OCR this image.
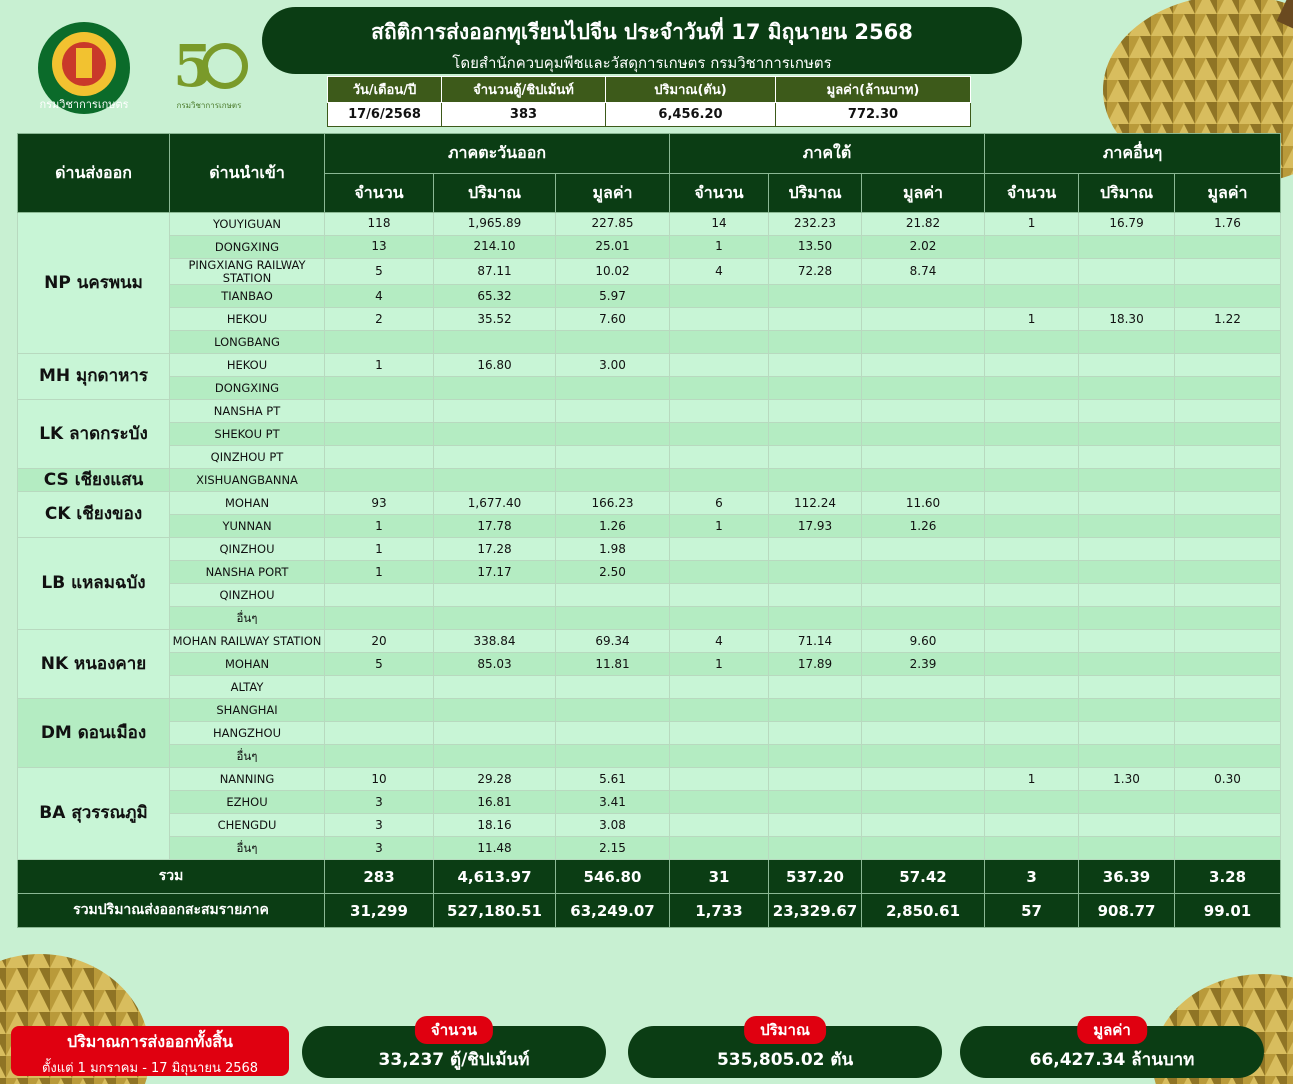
กรมวิชาการเกษตร
5
กรมวิชาการเกษตร
สถิติการส่งออกทุเรียนไปจีน ประจำวันที่ 17 มิถุนายน 2568
โดยสำนักควบคุมพืชและวัสดุการเกษตร กรมวิชาการเกษตร
วัน/เดือน/ปี	จำนวนตู้/ชิปเม้นท์	ปริมาณ(ตัน)	มูลค่า(ล้านบาท)
17/6/2568	383	6,456.20	772.30
ด่านส่งออก	ด่านนำเข้า	ภาคตะวันออก			ภาคใต้			ภาคอื่นๆ		
		จำนวน	ปริมาณ	มูลค่า	จำนวน	ปริมาณ	มูลค่า	จำนวน	ปริมาณ	มูลค่า
NP นครพนม	YOUYIGUAN	118	1,965.89	227.85	14	232.23	21.82	1	16.79	1.76
	DONGXING	13	214.10	25.01	1	13.50	2.02			
	PINGXIANG RAILWAY STATION	5	87.11	10.02	4	72.28	8.74			
	TIANBAO	4	65.32	5.97						
	HEKOU	2	35.52	7.60				1	18.30	1.22
	LONGBANG									
MH มุกดาหาร	HEKOU	1	16.80	3.00						
	DONGXING									
LK ลาดกระบัง	NANSHA PT									
	SHEKOU PT									
	QINZHOU PT									
CS เชียงแสน	XISHUANGBANNA									
CK เชียงของ	MOHAN	93	1,677.40	166.23	6	112.24	11.60			
	YUNNAN	1	17.78	1.26	1	17.93	1.26			
LB แหลมฉบัง	QINZHOU	1	17.28	1.98						
	NANSHA PORT	1	17.17	2.50						
	QINZHOU									
	อื่นๆ									
NK หนองคาย	MOHAN RAILWAY STATION	20	338.84	69.34	4	71.14	9.60			
	MOHAN	5	85.03	11.81	1	17.89	2.39			
	ALTAY									
DM ดอนเมือง	SHANGHAI									
	HANGZHOU									
	อื่นๆ									
BA สุวรรณภูมิ	NANNING	10	29.28	5.61				1	1.30	0.30
	EZHOU	3	16.81	3.41						
	CHENGDU	3	18.16	3.08						
	อื่นๆ	3	11.48	2.15						
รวม		283	4,613.97	546.80	31	537.20	57.42	3	36.39	3.28
รวมปริมาณส่งออกสะสมรายภาค		31,299	527,180.51	63,249.07	1,733	23,329.67	2,850.61	57	908.77	99.01
ปริมาณการส่งออกทั้งสิ้น
ตั้งแต่ 1 มกราคม - 17 มิถุนายน 2568
จำนวน
33,237 ตู้/ชิปเม้นท์
ปริมาณ
535,805.02 ตัน
มูลค่า
66,427.34 ล้านบาท
